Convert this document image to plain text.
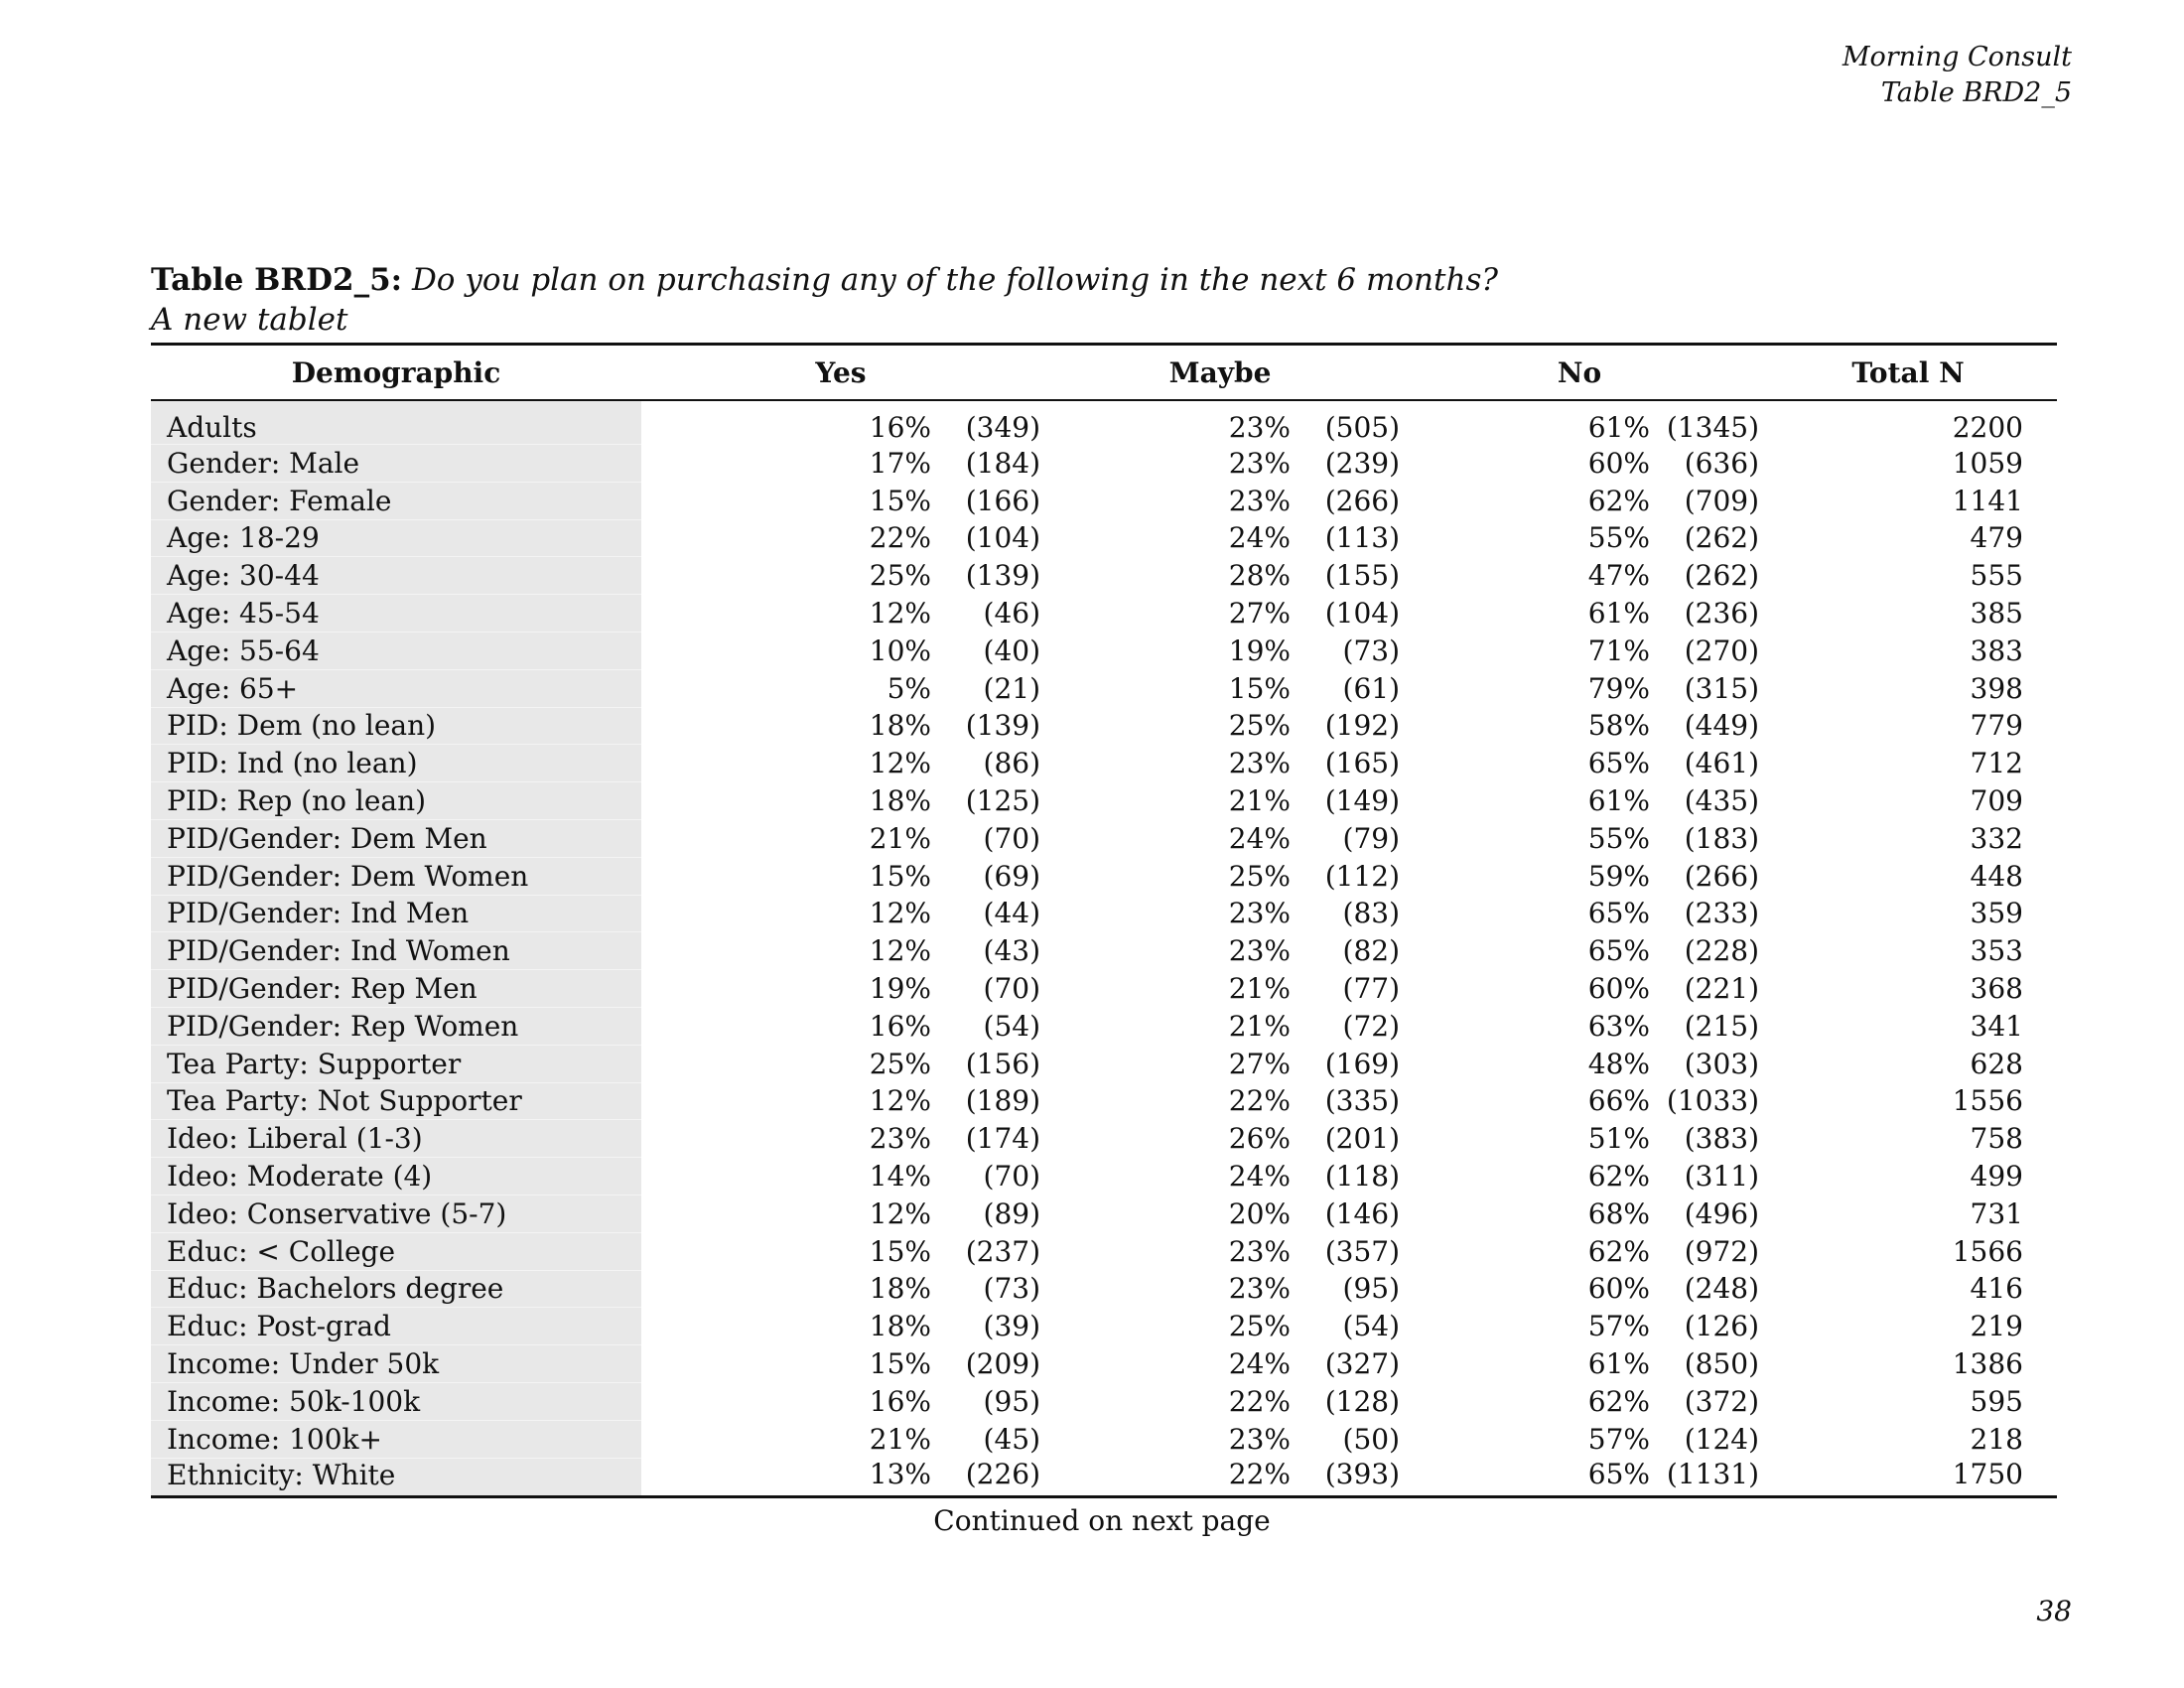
Morning Consult
Table BRD2_5
Table BRD2_5: Do you plan on purchasing any of the following in the next 6 months?
A new tablet
Demographic	Yes		Maybe		No		Total N
Adults	16%	(349)	23%	(505)	61%	(1345)	2200
Gender: Male	17%	(184)	23%	(239)	60%	(636)	1059
Gender: Female	15%	(166)	23%	(266)	62%	(709)	1141
Age: 18-29	22%	(104)	24%	(113)	55%	(262)	479
Age: 30-44	25%	(139)	28%	(155)	47%	(262)	555
Age: 45-54	12%	(46)	27%	(104)	61%	(236)	385
Age: 55-64	10%	(40)	19%	(73)	71%	(270)	383
Age: 65+	5%	(21)	15%	(61)	79%	(315)	398
PID: Dem (no lean)	18%	(139)	25%	(192)	58%	(449)	779
PID: Ind (no lean)	12%	(86)	23%	(165)	65%	(461)	712
PID: Rep (no lean)	18%	(125)	21%	(149)	61%	(435)	709
PID/Gender: Dem Men	21%	(70)	24%	(79)	55%	(183)	332
PID/Gender: Dem Women	15%	(69)	25%	(112)	59%	(266)	448
PID/Gender: Ind Men	12%	(44)	23%	(83)	65%	(233)	359
PID/Gender: Ind Women	12%	(43)	23%	(82)	65%	(228)	353
PID/Gender: Rep Men	19%	(70)	21%	(77)	60%	(221)	368
PID/Gender: Rep Women	16%	(54)	21%	(72)	63%	(215)	341
Tea Party: Supporter	25%	(156)	27%	(169)	48%	(303)	628
Tea Party: Not Supporter	12%	(189)	22%	(335)	66%	(1033)	1556
Ideo: Liberal (1-3)	23%	(174)	26%	(201)	51%	(383)	758
Ideo: Moderate (4)	14%	(70)	24%	(118)	62%	(311)	499
Ideo: Conservative (5-7)	12%	(89)	20%	(146)	68%	(496)	731
Educ: < College	15%	(237)	23%	(357)	62%	(972)	1566
Educ: Bachelors degree	18%	(73)	23%	(95)	60%	(248)	416
Educ: Post-grad	18%	(39)	25%	(54)	57%	(126)	219
Income: Under 50k	15%	(209)	24%	(327)	61%	(850)	1386
Income: 50k-100k	16%	(95)	22%	(128)	62%	(372)	595
Income: 100k+	21%	(45)	23%	(50)	57%	(124)	218
Ethnicity: White	13%	(226)	22%	(393)	65%	(1131)	1750
Continued on next page
38
